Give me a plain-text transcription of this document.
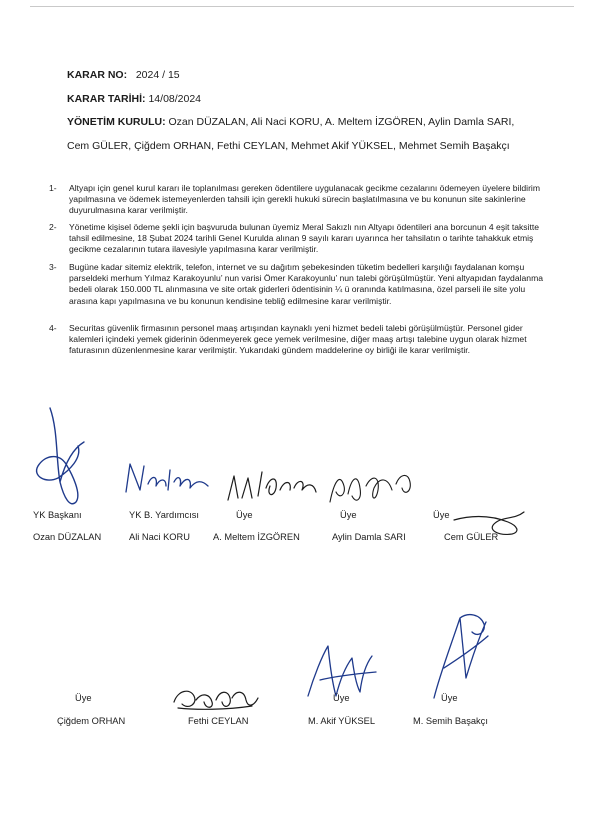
KARAR NO: 2024 / 15
KARAR TARİHİ: 14/08/2024
YÖNETİM KURULU: Ozan DÜZALAN, Ali Naci KORU, A. Meltem İZGÖREN, Aylin Damla SARI,
Cem GÜLER, Çiğdem ORHAN, Fethi CEYLAN, Mehmet Akif YÜKSEL, Mehmet Semih Başakçı
1- Altyapı için genel kurul kararı ile toplanılması gereken ödentilere uygulanacak gecikme cezalarını ödemeyen üyelere bildirim yapılmasına ve ödemek istemeyenlerden tahsili için gerekli hukuki sürecin başlatılmasına ve bu konunun site sakinlerine duyurulmasına karar verilmiştir.
2- Yönetime kişisel ödeme şekli için başvuruda bulunan üyemiz Meral Sakızlı nın Altyapı ödentileri ana borcunun 4 eşit taksitte tahsil edilmesine, 18 Şubat 2024 tarihli Genel Kurulda alınan 9 sayılı kararı uyarınca her tahsilatın o tarihte tahakkuk etmiş gecikme cezalarının tutara ilavesiyle yapılmasına karar verilmiştir.
3- Bugüne kadar sitemiz elektrik, telefon, internet ve su dağıtım şebekesinden tüketim bedelleri karşılığı faydalanan komşu parseldeki merhum Yılmaz Karakoyunlu’ nun varisi Ömer Karakoyunlu’ nun talebi görüşülmüştür. Yeni altyapıdan faydalanma bedeli olarak 150.000 TL alınmasına ve site ortak giderleri ödentisinin ¼ ü oranında katılmasına, özel parseli ile site yolu arasına kapı yapılmasına ve bu konunun kendisine tebliğ edilmesine karar verilmiştir.
4- Securitas güvenlik firmasının personel maaş artışından kaynaklı yeni hizmet bedeli talebi görüşülmüştür. Personel gider kalemleri içindeki yemek giderinin ödenmeyerek gece yemek verilmesine, diğer maaş artışı talebine uygun olarak hizmet faturasının düzenlenmesine karar verilmiştir. Yukarıdaki gündem maddelerine oy birliği ile karar verilmiştir.
YK Başkanı
Ozan DÜZALAN
YK B. Yardımcısı
Ali Naci KORU
Üye
A. Meltem İZGÖREN
Üye
Aylin Damla SARI
Üye
Cem GÜLER
Üye
Çiğdem ORHAN	Fethi CEYLAN
Üye
M. Akif YÜKSEL
Üye
M. Semih Başakçı
